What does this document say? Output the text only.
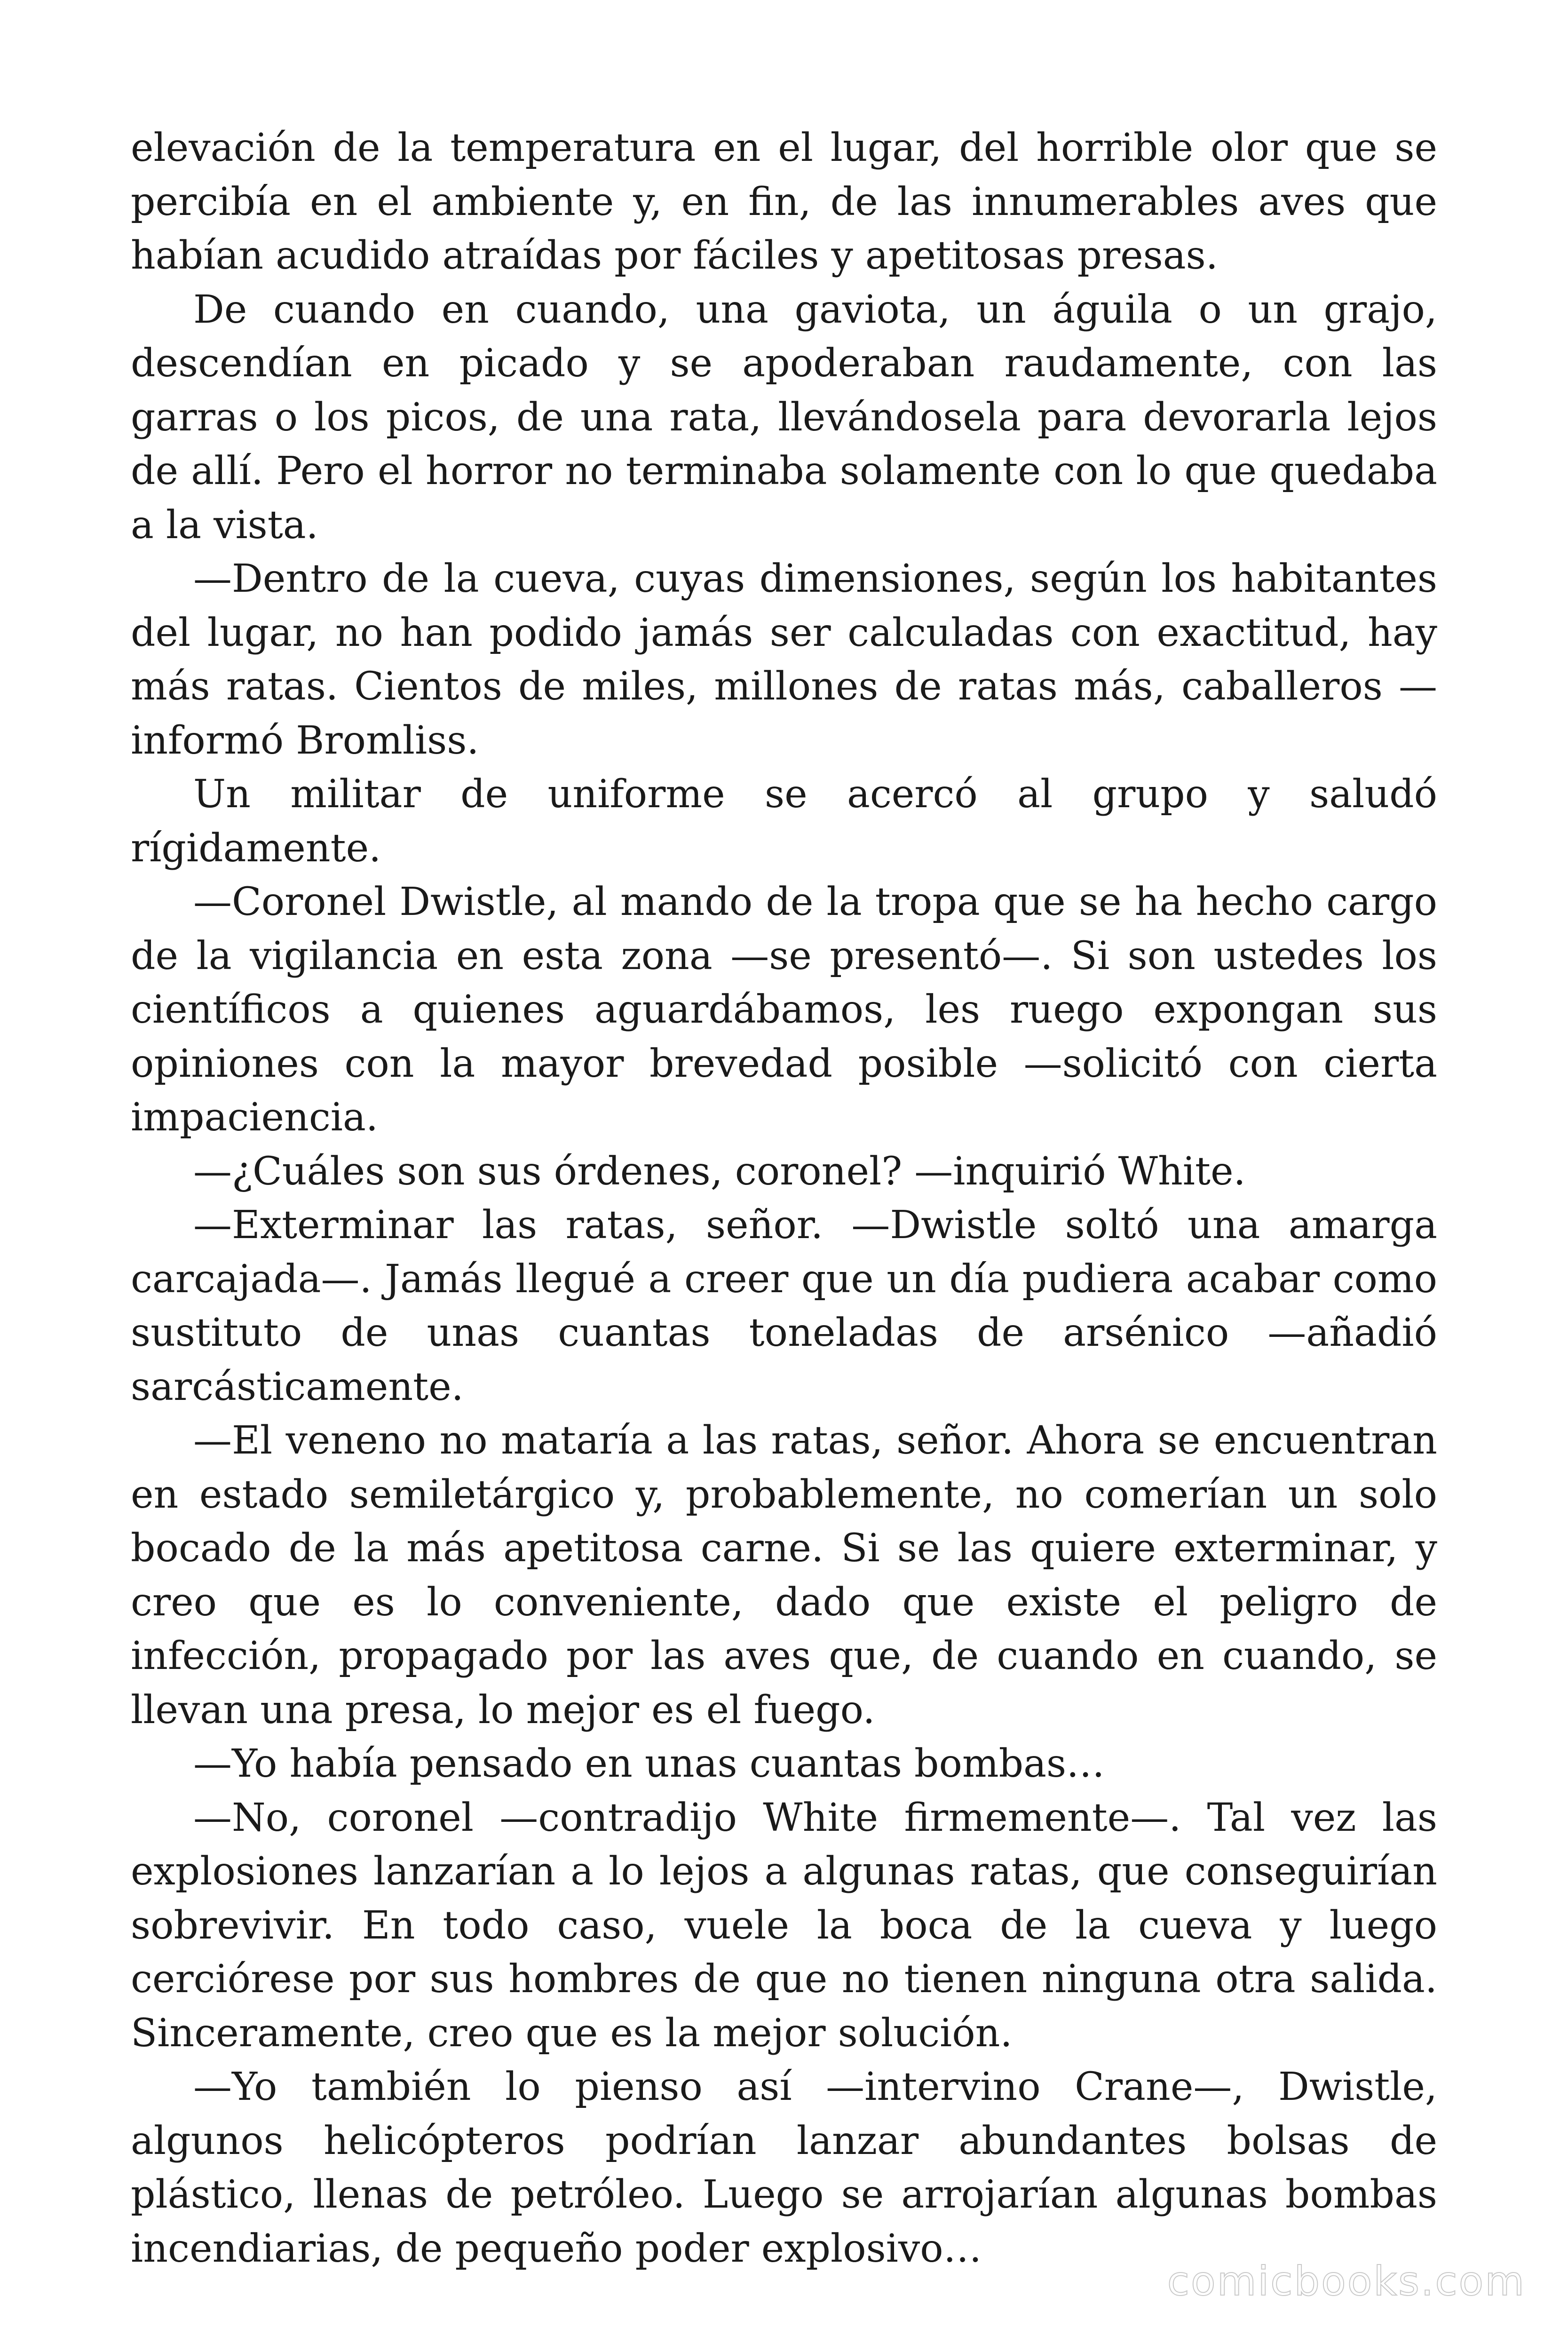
elevación de la temperatura en el lugar, del horrible olor que se percibía en el ambiente y, en fin, de las innumerables aves que habían acudido atraídas por fáciles y apetitosas presas.

De cuando en cuando, una gaviota, un águila o un grajo, descendían en picado y se apoderaban raudamente, con las garras o los picos, de una rata, llevándosela para devorarla lejos de allí. Pero el horror no terminaba solamente con lo que quedaba a la vista.

—Dentro de la cueva, cuyas dimensiones, según los habitantes del lugar, no han podido jamás ser calculadas con exactitud, hay más ratas. Cientos de miles, millones de ratas más, caballeros —informó Bromliss.

Un militar de uniforme se acercó al grupo y saludó rígidamente.

—Coronel Dwistle, al mando de la tropa que se ha hecho cargo de la vigilancia en esta zona —se presentó—. Si son ustedes los científicos a quienes aguardábamos, les ruego expongan sus opiniones con la mayor brevedad posible —solicitó con cierta impaciencia.

—¿Cuáles son sus órdenes, coronel? —inquirió White.

—Exterminar las ratas, señor. —Dwistle soltó una amarga carcajada—. Jamás llegué a creer que un día pudiera acabar como sustituto de unas cuantas toneladas de arsénico —añadió sarcásticamente.

—El veneno no mataría a las ratas, señor. Ahora se encuentran en estado semiletárgico y, probablemente, no comerían un solo bocado de la más apetitosa carne. Si se las quiere exterminar, y creo que es lo conveniente, dado que existe el peligro de infección, propagado por las aves que, de cuando en cuando, se llevan una presa, lo mejor es el fuego.

—Yo había pensado en unas cuantas bombas…

—No, coronel —contradijo White firmemente—. Tal vez las explosiones lanzarían a lo lejos a algunas ratas, que conseguirían sobrevivir. En todo caso, vuele la boca de la cueva y luego cerciórese por sus hombres de que no tienen ninguna otra salida. Sinceramente, creo que es la mejor solución.

—Yo también lo pienso así —intervino Crane—, Dwistle, algunos helicópteros podrían lanzar abundantes bolsas de plástico, llenas de petróleo. Luego se arrojarían algunas bombas incendiarias, de pequeño poder explosivo…

comicbooks.com
